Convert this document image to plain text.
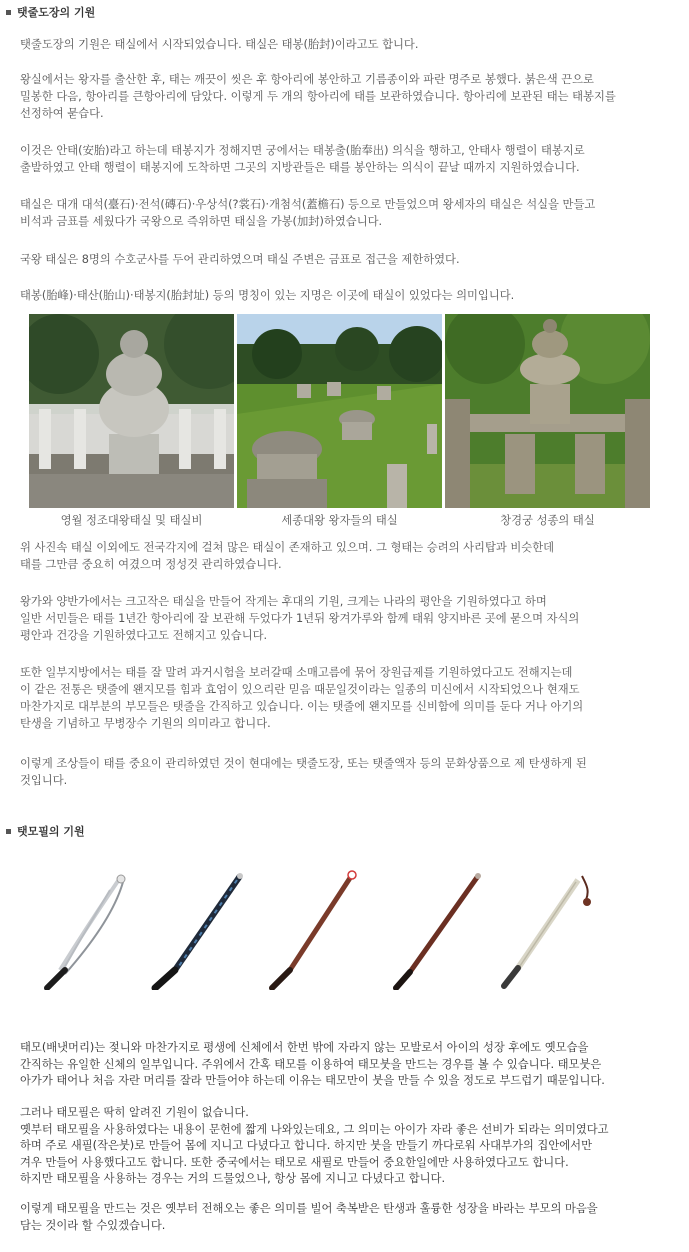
탯줄도장의 기원
탯줄도장의 기원은 태실에서 시작되었습니다. 태실은 태봉(胎封)이라고도 합니다.
왕실에서는 왕자를 출산한 후, 태는 깨끗이 씻은 후 항아리에 봉안하고 기름종이와 파란 명주로 봉했다. 붉은색 끈으로
밀봉한 다음, 항아리를 큰항아리에 담았다. 이렇게 두 개의 항아리에 태를 보관하였습니다. 항아리에 보관된 태는 태봉지를
선정하여 묻습다.
이것은 안태(安胎)라고 하는데 태봉지가 정해지면 궁에서는 태봉출(胎奉出) 의식을 행하고, 안태사 행렬이 태봉지로
출발하였고 안태 행렬이 태봉지에 도착하면 그곳의 지방관들은 태를 봉안하는 의식이 끝날 때까지 지원하였습니다.
태실은 대개 대석(臺石)·전석(磚石)·우상석(?裳石)·개첨석(蓋檐石) 등으로 만들었으며 왕세자의 태실은 석실을 만들고
비석과 금표를 세웠다가 국왕으로 즉위하면 태실을 가봉(加封)하였습니다.
국왕 태실은 8명의 수호군사를 두어 관리하였으며 태실 주변은 금표로 접근을 제한하였다.
태봉(胎峰)·태산(胎山)·태봉지(胎封址) 등의 명칭이 있는 지명은 이곳에 태실이 있었다는 의미입니다.
영월 정조대왕태실 및 태실비	세종대왕 왕자들의 태실	창경궁 성종의 태실
위 사진속 태실 이외에도 전국각지에 걸쳐 많은 태실이 존재하고 있으며. 그 형태는 승려의 사리탑과 비슷한데
태를 그만큼 중요히 여겼으며 정성것 관리하였습니다.
왕가와 양반가에서는 크고작은 태실을 만들어 작게는 후대의 기원, 크게는 나라의 평안을 기원하였다고 하며
일반 서민들은 태를 1년간 항아리에 잘 보관해 두었다가 1년뒤 왕겨가루와 함께 태워 양지바른 곳에 묻으며 자식의
평안과 건강을 기원하였다고도 전해지고 있습니다.
또한 일부지방에서는 태를 잘 말려 과거시험을 보러갈때 소매고름에 묶어 장원급제를 기원하였다고도 전해지는데
이 같은 전통은 탯줄에 왠지모를 힘과 효엄이 있으리란 믿음 때문일것이라는 일종의 미신에서 시작되었으나 현재도
마찬가지로 대부분의 부모들은 탯줄을 간직하고 있습니다. 이는 탯줄에 왠지모를 신비함에 의미를 둔다 거나 아기의
탄생을 기념하고 무병장수 기원의 의미라고 합니다.
이렇게 조상들이 태를 중요이 관리하였던 것이 현대에는 탯줄도장, 또는 탯줄액자 등의 문화상품으로 제 탄생하게 된
것입니다.
탯모필의 기원
태모(배냇머리)는 젖니와 마찬가지로 평생에 신체에서 한번 밖에 자라지 않는 모발로서 아이의 성장 후에도 옛모습을
간직하는 유일한 신체의 일부입니다. 주위에서 간혹 태모를 이용하여 태모붓을 만드는 경우를 볼 수 있습니다. 태모붓은
아가가 태어나 처음 자란 머리를 잘라 만들어야 하는데 이유는 태모만이 붓을 만들 수 있을 정도로 부드럽기 때문입니다.
그러나 태모필은 딱히 알려진 기원이 없습니다.
옛부터 태모필을 사용하였다는 내용이 문헌에 짧게 나와있는데요, 그 의미는 아이가 자라 좋은 선비가 되라는 의미였다고
하며 주로 새필(작은붓)로 만들어 몸에 지니고 다녔다고 합니다. 하지만 붓을 만들기 까다로워 사대부가의 집안에서만
겨우 만들어 사용했다고도 합니다. 또한 중국에서는 태모로 새필로 만들어 중요한일에만 사용하였다고도 합니다.
하지만 태모필을 사용하는 경우는 거의 드물었으나, 항상 몸에 지니고 다녔다고 합니다.
이렇게 태모필을 만드는 것은 옛부터 전해오는 좋은 의미를 빌어 축복받은 탄생과 훌륭한 성장을 바라는 부모의 마음을
담는 것이라 할 수있겠습니다.
